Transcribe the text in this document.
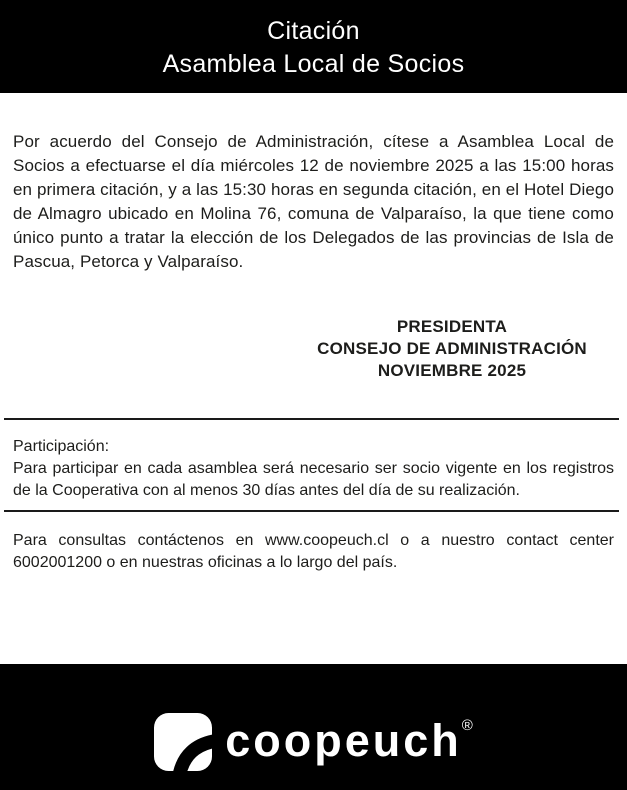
Citación
Asamblea Local de Socios

Por acuerdo del Consejo de Administración, cítese a Asamblea Local de Socios a efectuarse el día miércoles 12 de noviembre 2025 a las 15:00 horas en primera citación, y a las 15:30 horas en segunda citación, en el Hotel Diego de Almagro ubicado en Molina 76, comuna de Valparaíso, la que tiene como único punto a tratar la elección de los Delegados de las provincias de Isla de Pascua, Petorca y Valparaíso.

PRESIDENTA
CONSEJO DE ADMINISTRACIÓN
NOVIEMBRE 2025
Participación:
Para participar en cada asamblea será necesario ser socio vigente en los registros de la Cooperativa con al menos 30 días antes del día de su realización.

Para consultas contáctenos en www.coopeuch.cl o a nuestro contact center 6002001200 o en nuestras oficinas a lo largo del país.

coopeuch®
